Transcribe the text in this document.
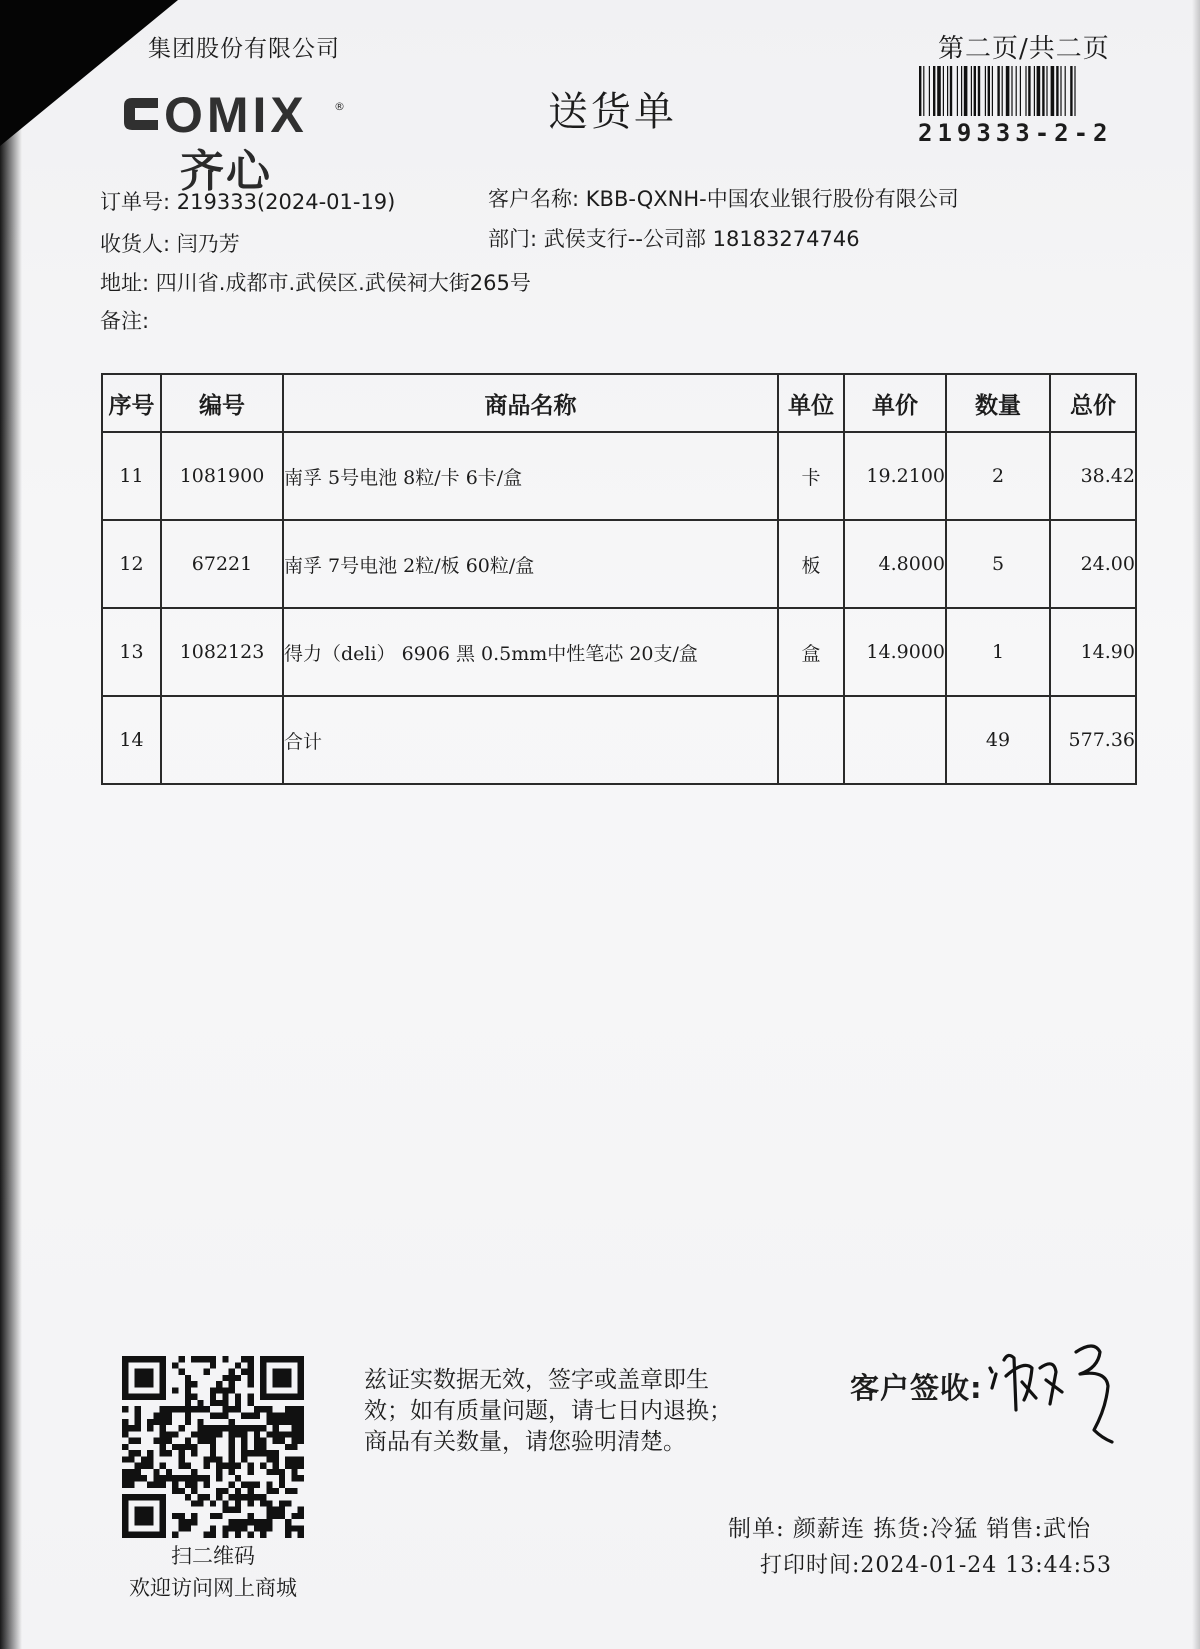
集团股份有限公司	第二页/共二页
219333-2-2
送货单
OMIX ®
齐心
订单号: 219333(2024-01-19)	客户名称: KBB-QXNH-中国农业银行股份有限公司
收货人: 闫乃芳	部门: 武侯支行--公司部 18183274746
地址: 四川省.成都市.武侯区.武侯祠大街265号
备注:
序号	编号	商品名称	单位	单价	数量	总价
11	1081900	南孚 5号电池 8粒/卡 6卡/盒	卡	19.2100	2	38.42
12	67221	南孚 7号电池 2粒/板 60粒/盒	板	4.8000	5	24.00
13	1082123	得力（deli） 6906 黑 0.5mm中性笔芯 20支/盒	盒	14.9000	1	14.90
14		合计			49	577.36
扫二维码
欢迎访问网上商城
兹证实数据无效，签字或盖章即生
效；如有质量问题，请七日内退换；
商品有关数量，请您验明清楚。
客户签收:
制单: 颜薪连 拣货:冷猛 销售:武怡
打印时间:2024-01-24 13:44:53
